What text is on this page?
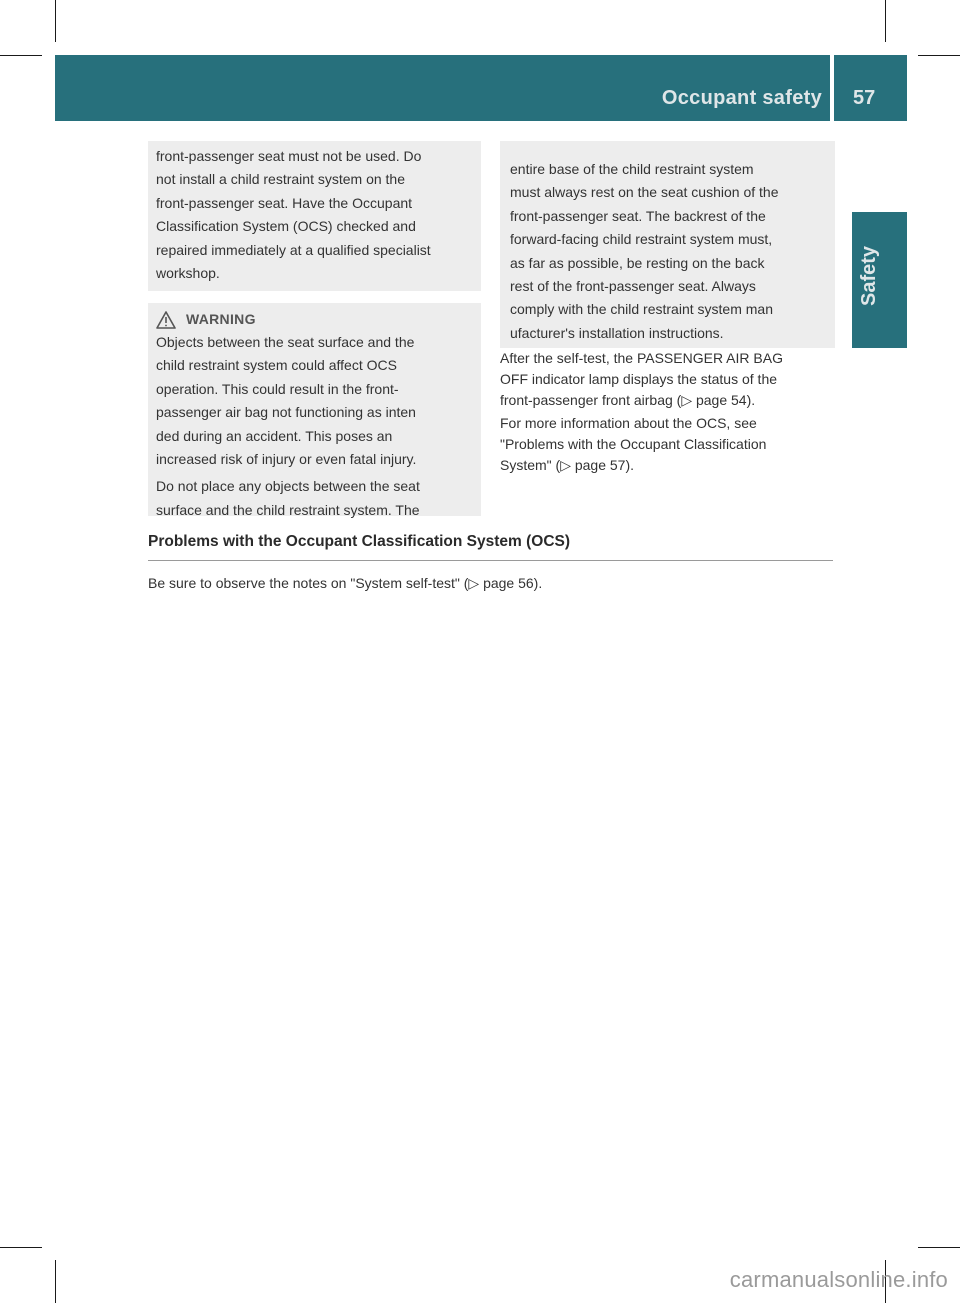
Occupant safety 57
Safety

front-passenger seat must not be used. Do

not install a child restraint system on the

front-passenger seat. Have the Occupant

Classification System (OCS) checked and

repaired immediately at a qualified specialist

workshop.

WARNING

Objects between the seat surface and the

child restraint system could affect OCS

operation. This could result in the front-

passenger air bag not functioning as inten

ded during an accident. This poses an

increased risk of injury or even fatal injury.

Do not place any objects between the seat

surface and the child restraint system. The

entire base of the child restraint system

must always rest on the seat cushion of the

front-passenger seat. The backrest of the

forward-facing child restraint system must,

as far as possible, be resting on the back

rest of the front-passenger seat. Always

comply with the child restraint system man

ufacturer's installation instructions.

After the self-test, the PASSENGER AIR BAG

OFF indicator lamp displays the status of the

front-passenger front airbag (▷ page 54).

For more information about the OCS, see

"Problems with the Occupant Classification

System" (▷ page 57).

Problems with the Occupant Classification System (OCS)
Be sure to observe the notes on "System self-test" (▷ page 56).
carmanualsonline.info
